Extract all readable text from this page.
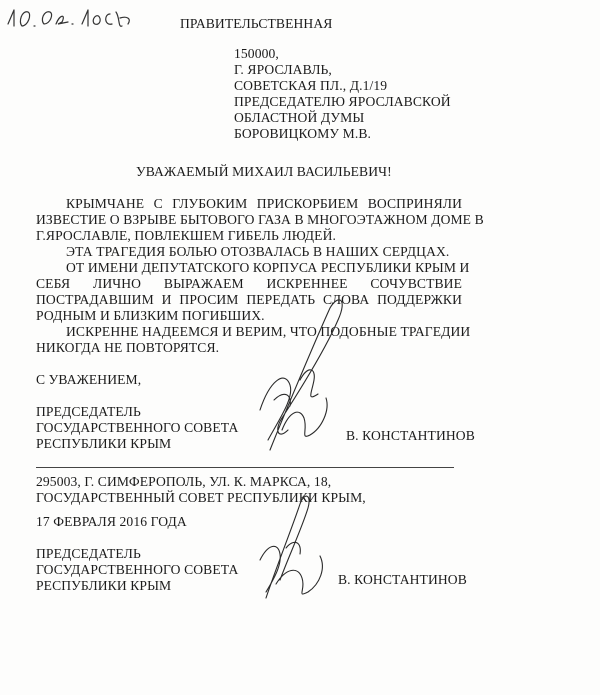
ПРАВИТЕЛЬСТВЕННАЯ
150000,
Г. ЯРОСЛАВЛЬ,
СОВЕТСКАЯ ПЛ., Д.1/19
ПРЕДСЕДАТЕЛЮ ЯРОСЛАВСКОЙ
ОБЛАСТНОЙ ДУМЫ
БОРОВИЦКОМУ М.В.
УВАЖАЕМЫЙ МИХАИЛ ВАСИЛЬЕВИЧ!
КРЫМЧАНЕ С ГЛУБОКИМ ПРИСКОРБИЕМ ВОСПРИНЯЛИ
ИЗВЕСТИЕ О ВЗРЫВЕ БЫТОВОГО ГАЗА В МНОГОЭТАЖНОМ ДОМЕ В
Г.ЯРОСЛАВЛЕ, ПОВЛЕКШЕМ ГИБЕЛЬ ЛЮДЕЙ.
ЭТА ТРАГЕДИЯ БОЛЬЮ ОТОЗВАЛАСЬ В НАШИХ СЕРДЦАХ.
ОТ ИМЕНИ ДЕПУТАТСКОГО КОРПУСА РЕСПУБЛИКИ КРЫМ И
СЕБЯ ЛИЧНО ВЫРАЖАЕМ ИСКРЕННЕЕ СОЧУВСТВИЕ
ПОСТРАДАВШИМ И ПРОСИМ ПЕРЕДАТЬ СЛОВА ПОДДЕРЖКИ
РОДНЫМ И БЛИЗКИМ ПОГИБШИХ.
ИСКРЕННЕ НАДЕЕМСЯ И ВЕРИМ, ЧТО ПОДОБНЫЕ ТРАГЕДИИ
НИКОГДА НЕ ПОВТОРЯТСЯ.
С УВАЖЕНИЕМ,
ПРЕДСЕДАТЕЛЬ
ГОСУДАРСТВЕННОГО СОВЕТА
РЕСПУБЛИКИ КРЫМ
В. КОНСТАНТИНОВ
295003, Г. СИМФЕРОПОЛЬ, УЛ. К. МАРКСА, 18,
ГОСУДАРСТВЕННЫЙ СОВЕТ РЕСПУБЛИКИ КРЫМ,
17 ФЕВРАЛЯ 2016 ГОДА
ПРЕДСЕДАТЕЛЬ
ГОСУДАРСТВЕННОГО СОВЕТА
РЕСПУБЛИКИ КРЫМ	В. КОНСТАНТИНОВ
